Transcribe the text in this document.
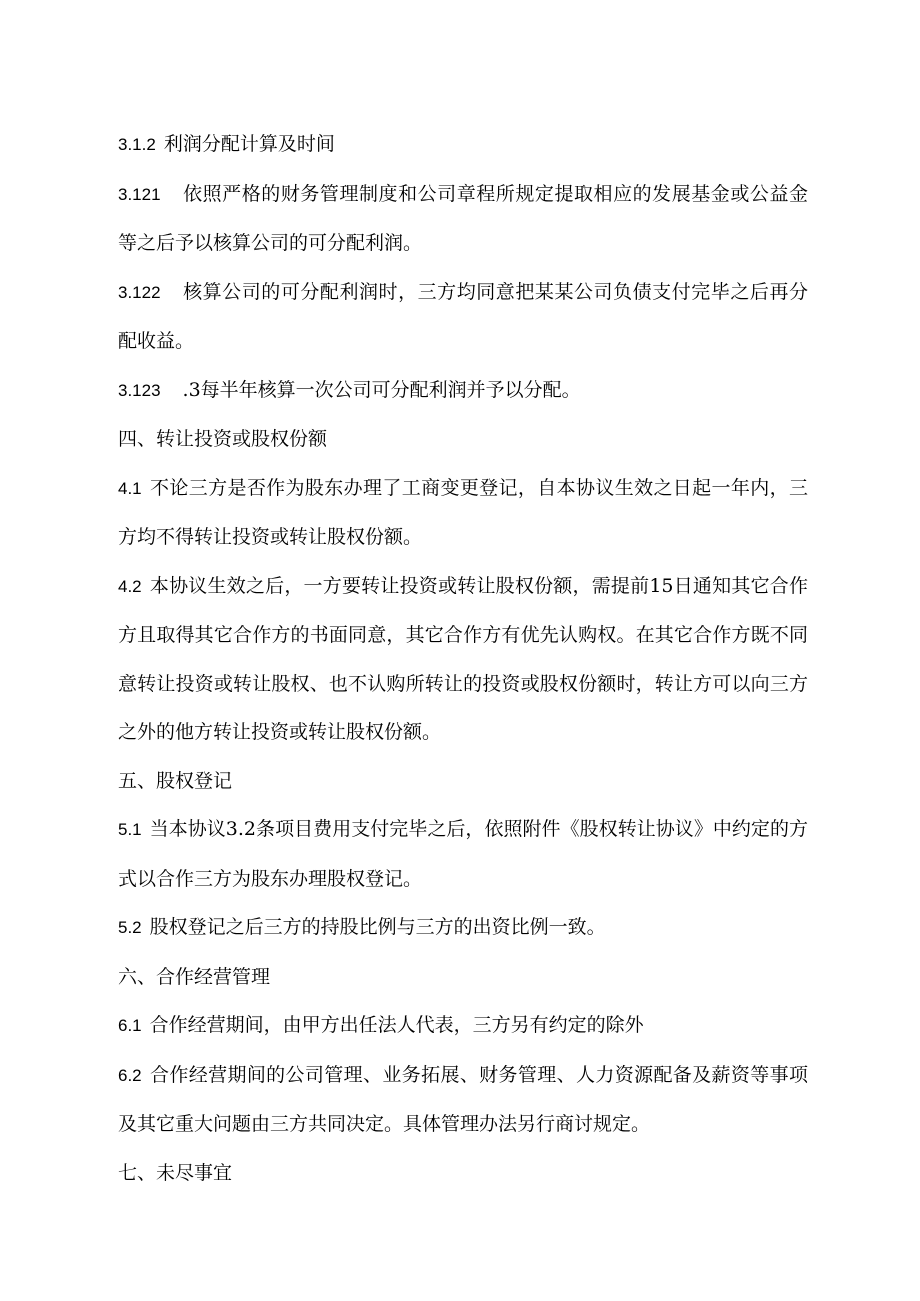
3.1.2 利润分配计算及时间

3.121 依照严格的财务管理制度和公司章程所规定提取相应的发展基金或公益金等之后予以核算公司的可分配利润。

3.122 核算公司的可分配利润时，三方均同意把某某公司负债支付完毕之后再分配收益。

3.123 .3每半年核算一次公司可分配利润并予以分配。

四、转让投资或股权份额

4.1 不论三方是否作为股东办理了工商变更登记，自本协议生效之日起一年内，三方均不得转让投资或转让股权份额。

4.2 本协议生效之后，一方要转让投资或转让股权份额，需提前15日通知其它合作方且取得其它合作方的书面同意，其它合作方有优先认购权。在其它合作方既不同意转让投资或转让股权、也不认购所转让的投资或股权份额时，转让方可以向三方之外的他方转让投资或转让股权份额。

五、股权登记

5.1 当本协议3.2条项目费用支付完毕之后，依照附件《股权转让协议》中约定的方式以合作三方为股东办理股权登记。

5.2 股权登记之后三方的持股比例与三方的出资比例一致。

六、合作经营管理

6.1 合作经营期间，由甲方出任法人代表，三方另有约定的除外

6.2 合作经营期间的公司管理、业务拓展、财务管理、人力资源配备及薪资等事项及其它重大问题由三方共同决定。具体管理办法另行商讨规定。

七、未尽事宜
